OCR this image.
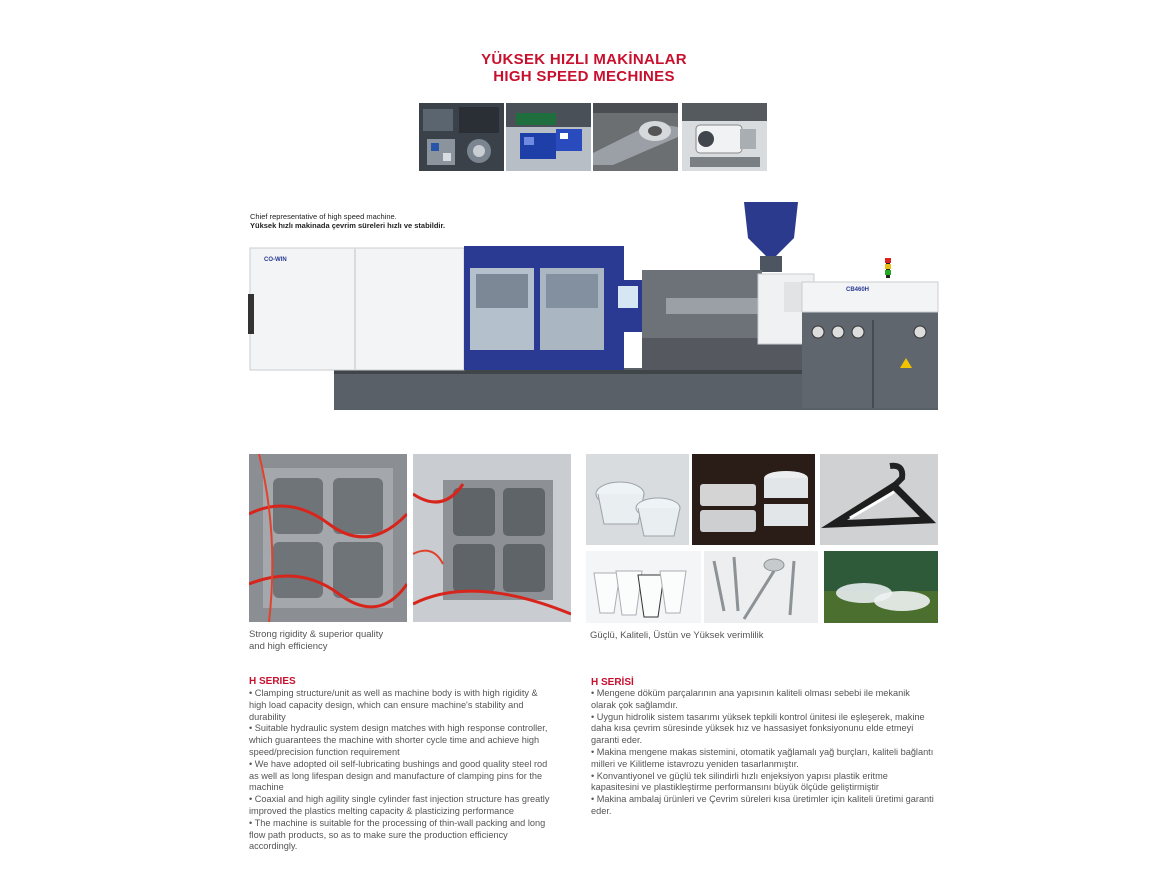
YÜKSEK HIZLI MAKİNALAR
HIGH SPEED MECHINES
Chief representative of high speed machine.
Yüksek hızlı makinada çevrim süreleri hızlı ve stabildir.
CO-WIN
CB460H
Strong rigidity & superior quality
and high efficiency
Güçlü, Kaliteli, Üstün ve Yüksek verimlilik
H SERIES
• Clamping structure/unit as well as machine body is with high rigidity & high load capacity design, which can ensure machine's stability and durability
• Suitable hydraulic system design matches with high response controller, which guarantees the machine with shorter cycle time and achieve high speed/precision function requirement
• We have adopted oil self-lubricating bushings and good quality steel rod as well as long lifespan design and manufacture of clamping pins for the machine
• Coaxial and high agility single cylinder fast injection structure has greatly improved the plastics melting capacity & plasticizing performance
• The machine is suitable for the processing of thin-wall packing and long flow path products, so as to make sure the production efficiency accordingly.
H SERİSİ
• Mengene döküm parçalarının ana yapısının kaliteli olması sebebi ile mekanik olarak çok sağlamdır.
• Uygun hidrolik sistem tasarımı yüksek tepkili kontrol ünitesi ile eşleşerek, makine daha kısa çevrim süresinde yüksek hız ve hassasiyet fonksiyonunu elde etmeyi garanti eder.
• Makina mengene makas sistemini, otomatik yağlamalı yağ burçları, kaliteli bağlantı milleri ve Kilitleme istavrozu yeniden tasarlanmıştır.
• Konvantiyonel ve güçlü tek silindirli hızlı enjeksiyon yapısı plastik eritme kapasitesini ve plastikleştirme performansını büyük ölçüde geliştirmiştir
• Makina ambalaj ürünleri ve Çevrim süreleri kısa üretimler için kaliteli üretimi garanti eder.
